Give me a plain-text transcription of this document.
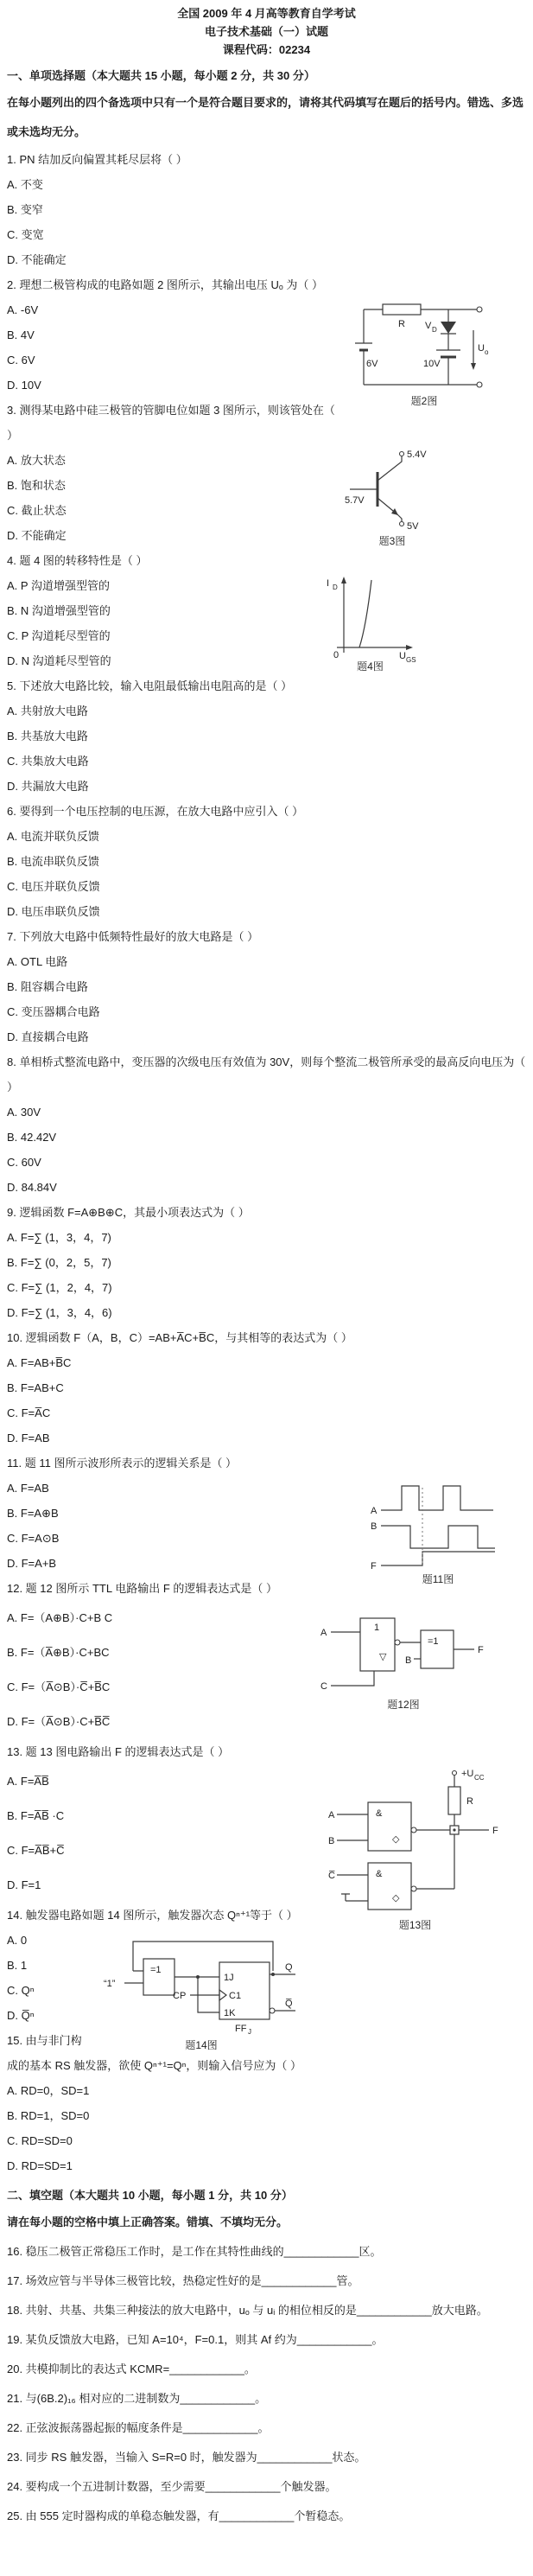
全国 2009 年 4 月高等教育自学考试
电子技术基础（一）试题
课程代码：02234
一、单项选择题（本大题共 15 小题，每小题 2 分，共 30 分）
在每小题列出的四个备选项中只有一个是符合题目要求的，请将其代码填写在题后的括号内。错选、多选或未选均无分。
1. PN 结加反向偏置其耗尽层将（ ）
A. 不变
B. 变窄
C. 变宽
D. 不能确定
2. 理想二极管构成的电路如题 2 图所示，其输出电压 Uₒ 为（ ）
R
6V
V D
10V
U o
题2图
A. -6V
B. 4V
C. 6V
D. 10V
3. 测得某电路中硅三极管的管脚电位如题 3 图所示，则该管处在（ ）
5.7V
5.4V
5V
题3图
A. 放大状态
B. 饱和状态
C. 截止状态
D. 不能确定
4. 题 4 图的转移特性是（ ）
I D
U GS
0
题4图
A. P 沟道增强型管的
B. N 沟道增强型管的
C. P 沟道耗尽型管的
D. N 沟道耗尽型管的
5. 下述放大电路比较，输入电阻最低输出电阻高的是（ ）
A. 共射放大电路
B. 共基放大电路
C. 共集放大电路
D. 共漏放大电路
6. 要得到一个电压控制的电压源，在放大电路中应引入（ ）
A. 电流并联负反馈
B. 电流串联负反馈
C. 电压并联负反馈
D. 电压串联负反馈
7. 下列放大电路中低频特性最好的放大电路是（ ）
A. OTL 电路
B. 阻容耦合电路
C. 变压器耦合电路
D. 直接耦合电路
8. 单相桥式整流电路中，变压器的次级电压有效值为 30V，则每个整流二极管所承受的最高反向电压为（ ）
A. 30V
B. 42.42V
C. 60V
D. 84.84V
9. 逻辑函数 F=A⊕B⊕C，其最小项表达式为（ ）
A. F=∑ (1，3，4，7)
B. F=∑ (0，2，5，7)
C. F=∑ (1，2，4，7)
D. F=∑ (1，3，4，6)
10. 逻辑函数 F（A，B，C）=AB+A̅C+B̅C，与其相等的表达式为（ ）
A. F=AB+B̅C
B. F=AB+C
C. F=A̅C
D. F=AB
11. 题 11 图所示波形所表示的逻辑关系是（ ）
A
B
F
题11图
A. F=AB
B. F=A⊕B
C. F=A⊙B
D. F=A+B
12. 题 12 图所示 TTL 电路输出 F 的逻辑表达式是（ ）
A
C
1
▽
=1
B
F
题12图
A. F=（A⊕B）·C+B C
B. F=（A̅⊕B）·C+BC
C. F=（A̅⊙B）·C̅+B̅C
D. F=（A̅⊙B）·C+B̅C̅
13. 题 13 图电路输出 F 的逻辑表达式是（ ）
+U CC
R
F
&
◇
A
B
&
◇
C̅
题13图
A. F=A̅B̅
B. F=A̅B̅ ·C
C. F=A̅B̅+C̅
D. F=1
14. 触发器电路如题 14 图所示，触发器次态 Qⁿ⁺¹等于（ ）
“1”
=1
CP
1J
C1
1K
Q
Q̅
FF J
题14图
A. 0
B. 1
C. Qⁿ
D. Q̅ⁿ
15. 由与非门构成的基本 RS 触发器，欲使 Qⁿ⁺¹=Qⁿ，则输入信号应为（ ）
A. RD=0，SD=1
B. RD=1，SD=0
C. RD=SD=0
D. RD=SD=1
二、填空题（本大题共 10 小题，每小题 1 分，共 10 分）
请在每小题的空格中填上正确答案。错填、不填均无分。
16. 稳压二极管正常稳压工作时，是工作在其特性曲线的____________区。
17. 场效应管与半导体三极管比较，热稳定性好的是____________管。
18. 共射、共基、共集三种接法的放大电路中，uₒ 与 uᵢ 的相位相反的是____________放大电路。
19. 某负反馈放大电路，已知 A=10⁴，F=0.1，则其 Af 约为____________。
20. 共模抑制比的表达式 KCMR=____________。
21. 与(6B.2)₁₆ 相对应的二进制数为____________。
22. 正弦波振荡器起振的幅度条件是____________。
23. 同步 RS 触发器，当输入 S=R=0 时，触发器为____________状态。
24. 要构成一个五进制计数器，至少需要____________个触发器。
25. 由 555 定时器构成的单稳态触发器，有____________个暂稳态。
